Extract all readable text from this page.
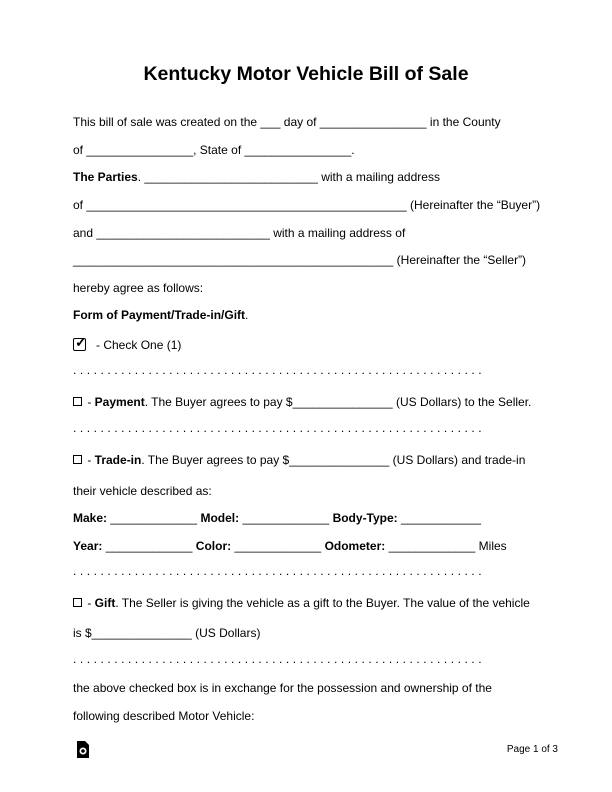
Kentucky Motor Vehicle Bill of Sale
This bill of sale was created on the ___ day of ________________ in the County
of ________________, State of ________________.
The Parties. __________________________ with a mailing address
of ________________________________________________ (Hereinafter the “Buyer”)
and __________________________ with a mailing address of
________________________________________________ (Hereinafter the “Seller”)
hereby agree as follows:
Form of Payment/Trade-in/Gift.
✓ - Check One (1)
. . . . . . . . . . . . . . . . . . . . . . . . . . . . . . . . . . . . . . . . . . . . . . . . . . . . . . . . . . . .
- Payment. The Buyer agrees to pay $_______________ (US Dollars) to the Seller.
. . . . . . . . . . . . . . . . . . . . . . . . . . . . . . . . . . . . . . . . . . . . . . . . . . . . . . . . . . . .
- Trade-in. The Buyer agrees to pay $_______________ (US Dollars) and trade-in
their vehicle described as:
Make: _____________ Model: _____________ Body-Type: ____________
Year: _____________ Color: _____________ Odometer: _____________ Miles
. . . . . . . . . . . . . . . . . . . . . . . . . . . . . . . . . . . . . . . . . . . . . . . . . . . . . . . . . . . .
- Gift. The Seller is giving the vehicle as a gift to the Buyer. The value of the vehicle
is $_______________ (US Dollars)
. . . . . . . . . . . . . . . . . . . . . . . . . . . . . . . . . . . . . . . . . . . . . . . . . . . . . . . . . . . .
the above checked box is in exchange for the possession and ownership of the
following described Motor Vehicle:
Page 1 of 3
